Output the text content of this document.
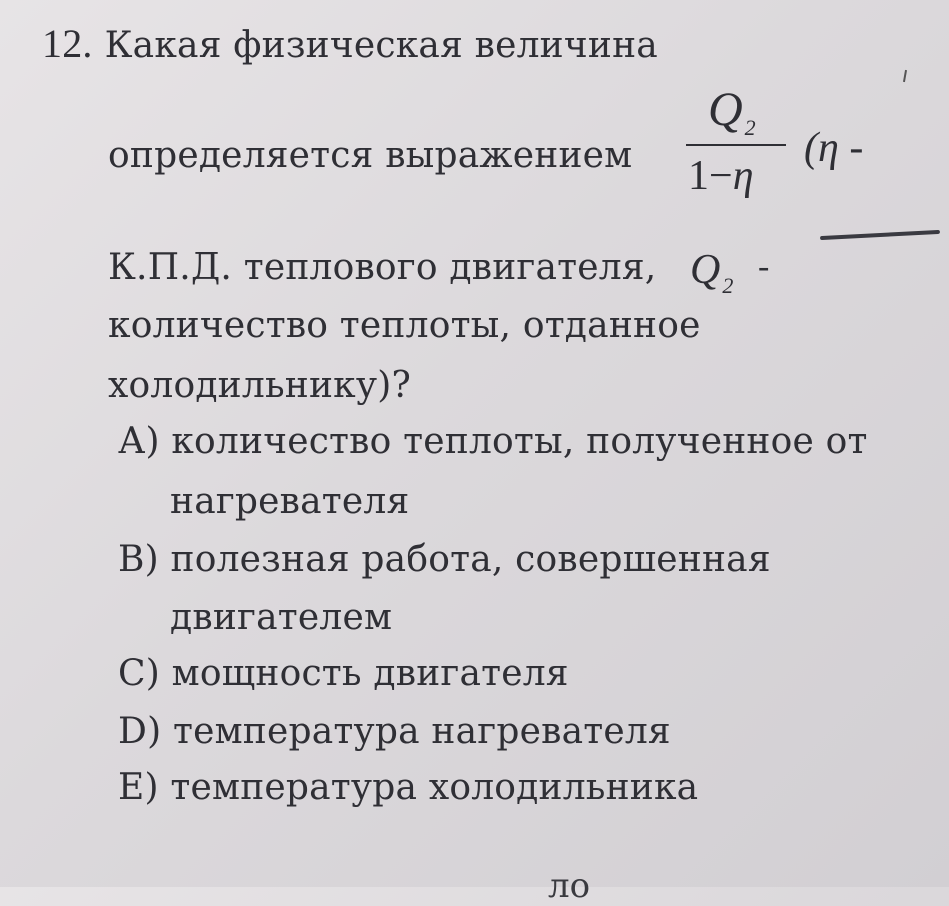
12. Какая физическая величина
определяется выражением
$Q_2$
1−η
(η -
К.П.Д. теплового двигателя, $Q_2$
-
количество теплоты, отданное
холодильнику)?
А) количество теплоты, полученное от
нагревателя
В) полезная работа, совершенная
двигателем
С) мощность двигателя
D) температура нагревателя
Е) температура холодильника
ло
